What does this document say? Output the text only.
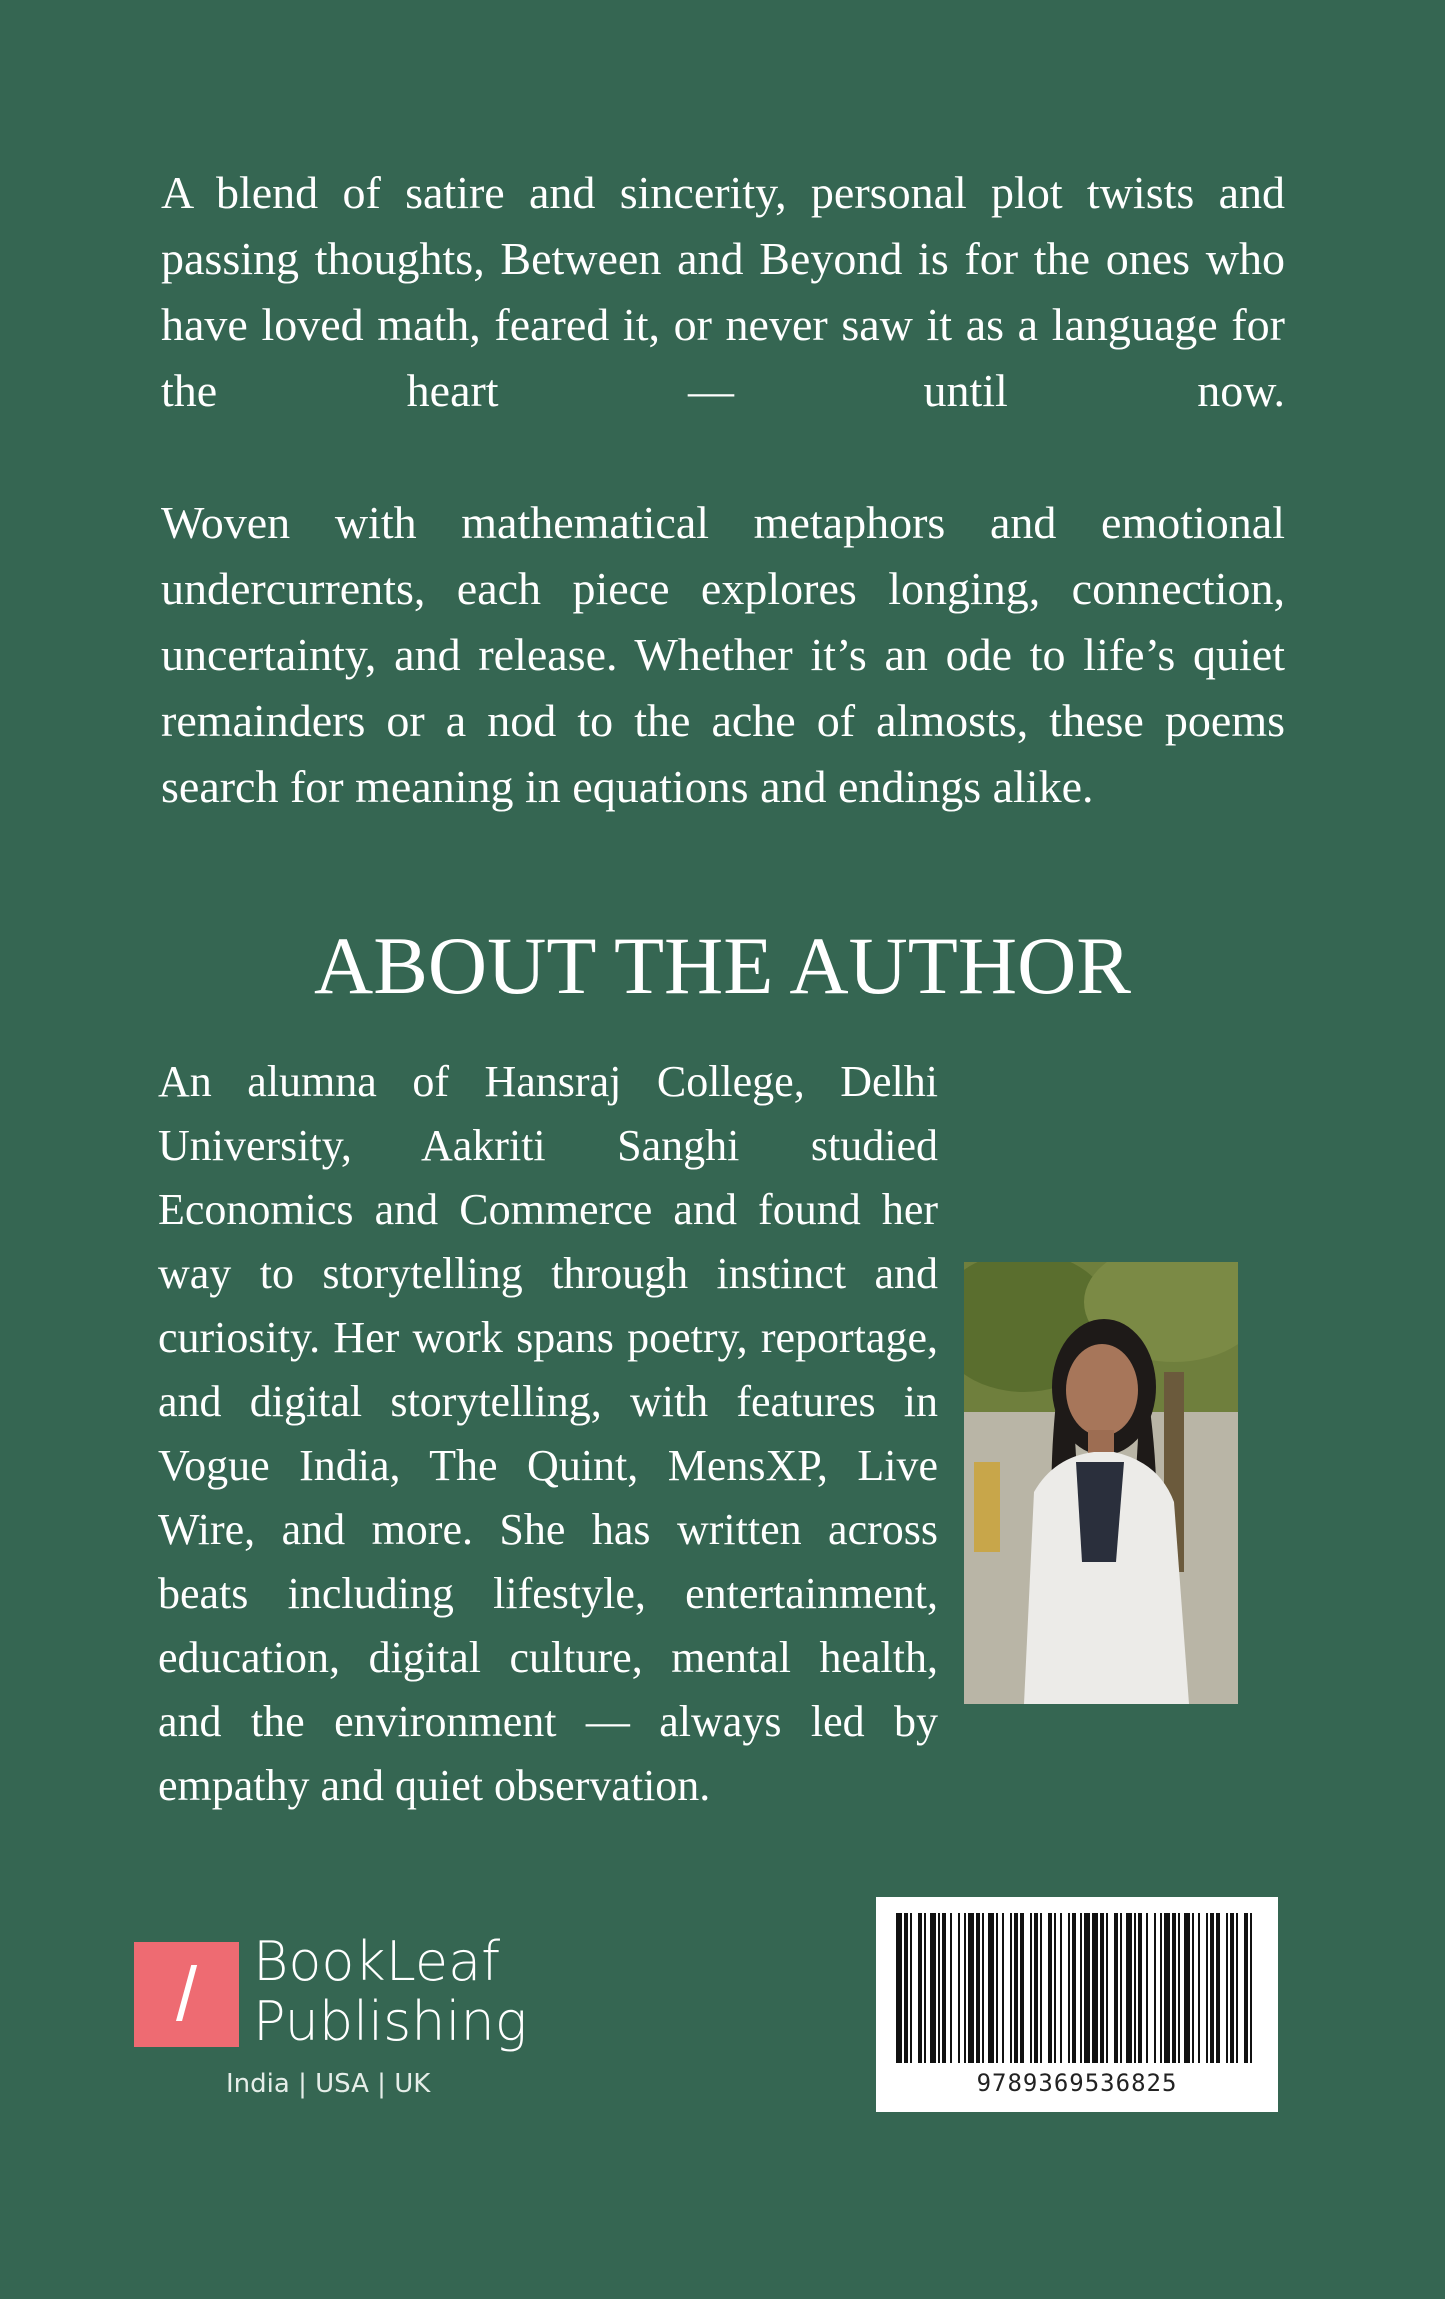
A blend of satire and sincerity, personal plot twists and passing thoughts, Between and Beyond is for the ones who have loved math, feared it, or never saw it as a language for the heart — until now.

Woven with mathematical metaphors and emotional undercurrents, each piece explores longing, connection, uncertainty, and release. Whether it’s an ode to life’s quiet remainders or a nod to the ache of almosts, these poems search for meaning in equations and endings alike.

ABOUT THE AUTHOR

An alumna of Hansraj College, Delhi University, Aakriti Sanghi studied Economics and Commerce and found her way to storytelling through instinct and curiosity. Her work spans poetry, reportage, and digital storytelling, with features in Vogue India, The Quint, MensXP, Live Wire, and more. She has written across beats including lifestyle, entertainment, education, digital culture, mental health, and the environment — always led by empathy and quiet observation.

/	BookLeaf
Publishing
India | USA | UK	9789369536825
